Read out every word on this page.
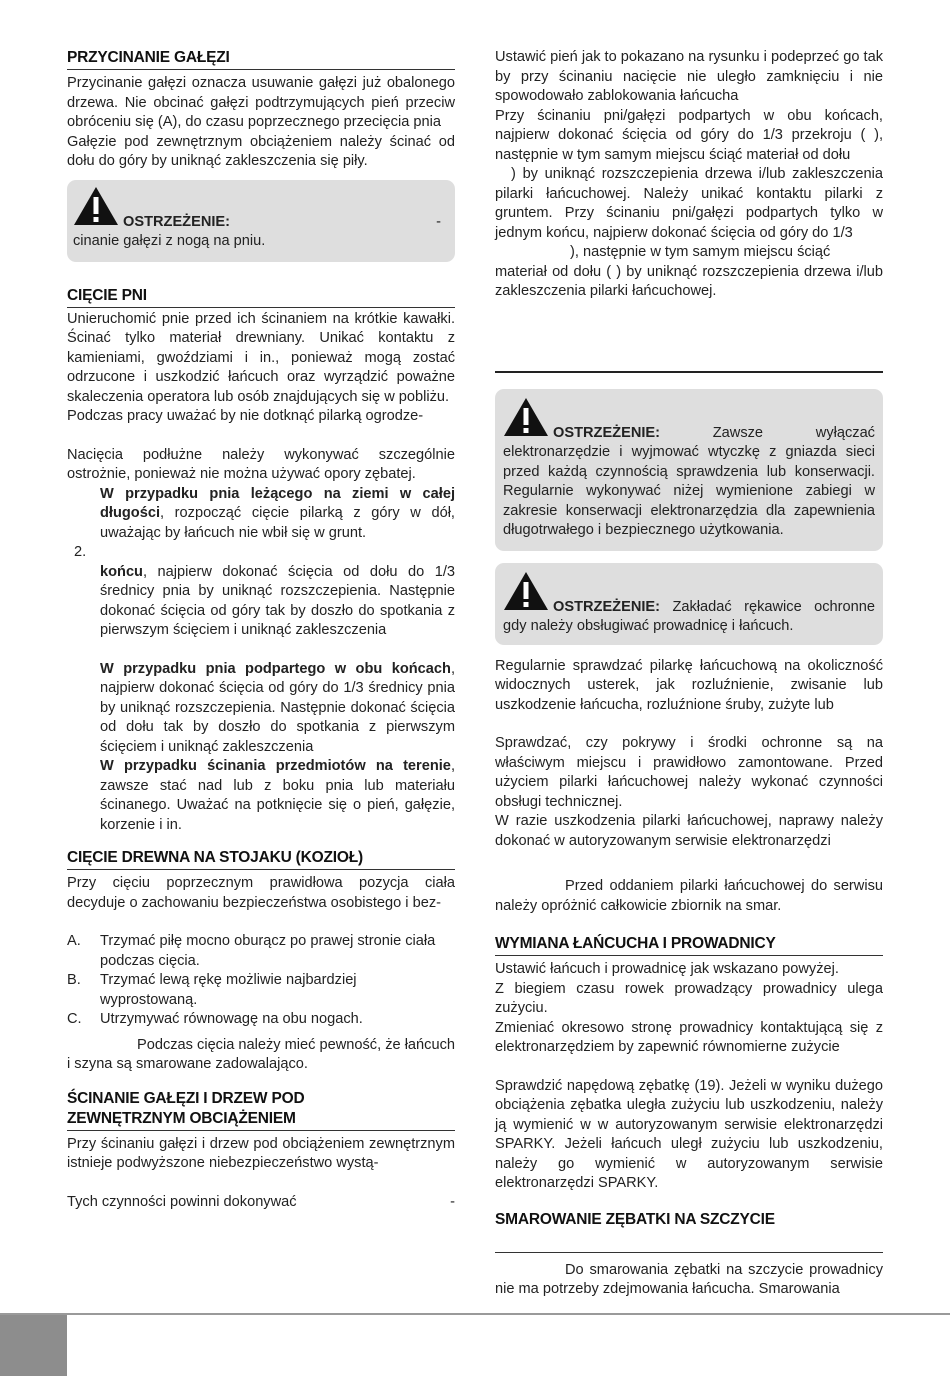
PRZYCINANIE GAŁĘZI

Przycinanie gałęzi oznacza usuwanie gałęzi już obalonego drzewa. Nie obcinać gałęzi podtrzymujących pień przeciw obróceniu się (A), do czasu poprzecznego przecięcia pnia

Gałęzie pod zewnętrznym obciążeniem należy ścinać od dołu do góry by uniknąć zakleszczenia się piły.

OSTRZEŻENIE:	-

cinanie gałęzi z nogą na pniu.

CIĘCIE PNI

Unieruchomić pnie przed ich ścinaniem na krótkie kawałki. Ścinać tylko materiał drewniany. Unikać kontaktu z kamieniami, gwoździami i in., ponieważ mogą zostać odrzucone i uszkodzić łańcuch oraz wyrządzić poważne skaleczenia operatora lub osób znajdujących się w pobliżu.

Podczas pracy uważać by nie dotknąć pilarką ogrodze-

Nacięcia podłużne należy wykonywać szczególnie ostrożnie, ponieważ nie można używać opory zębatej.

W przypadku pnia leżącego na ziemi w całej długości, rozpocząć cięcie pilarką z góry w dół, uważając by łańcuch nie wbił się w grunt.

2.

końcu, najpierw dokonać ścięcia od dołu do 1/3 średnicy pnia by uniknąć rozszczepienia. Następnie dokonać ścięcia od góry tak by doszło do spotkania z pierwszym ścięciem i uniknąć zakleszczenia

W przypadku pnia podpartego w obu końcach, najpierw dokonać ścięcia od góry do 1/3 średnicy pnia by uniknąć rozszczepienia. Następnie dokonać ścięcia od dołu tak by doszło do spotkania z pierwszym ścięciem i uniknąć zakleszczenia

W przypadku ścinania przedmiotów na terenie, zawsze stać nad lub z boku pnia lub materiału ścinanego. Uważać na potknięcie się o pień, gałęzie, korzenie i in.

CIĘCIE DREWNA NA STOJAKU (KOZIOŁ)

Przy cięciu poprzecznym prawidłowa pozycja ciała decyduje o zachowaniu bezpieczeństwa osobistego i bez-

A. Trzymać piłę mocno oburącz po prawej stronie ciała podczas cięcia.

B. Trzymać lewą rękę możliwie najbardziej wyprostowaną.

C. Utrzymywać równowagę na obu nogach.

Podczas cięcia należy mieć pewność, że łańcuch i szyna są smarowane zadowalająco.

ŚCINANIE GAŁĘZI I DRZEW POD
ZEWNĘTRZNYM OBCIĄŻENIEM

Przy ścinaniu gałęzi i drzew pod obciążeniem zewnętrznym istnieje podwyższone niebezpieczeństwo wystą-

Tych czynności powinni dokonywać	-

Ustawić pień jak to pokazano na rysunku i podeprzeć go tak by przy ścinaniu nacięcie nie uległo zamknięciu i nie spowodowało zablokowania łańcucha

Przy ścinaniu pni/gałęzi podpartych w obu końcach, najpierw dokonać ścięcia od góry do 1/3 przekroju ( ), następnie w tym samym miejscu ściąć materiał od dołu

) by uniknąć rozszczepienia drzewa i/lub zakleszczenia pilarki łańcuchowej. Należy unikać kontaktu pilarki z gruntem. Przy ścinaniu pni/gałęzi podpartych tylko w jednym końcu, najpierw dokonać ścięcia od góry do 1/3

), następnie w tym samym miejscu ściąć

materiał od dołu ( ) by uniknąć rozszczepienia drzewa i/lub zakleszczenia pilarki łańcuchowej.

OSTRZEŻENIE:	Zawsze wyłączać elektronarzędzie i wyjmować wtyczkę z gniazda sieci przed każdą czynnością sprawdzenia lub konserwacji. Regularnie wykonywać niżej wymienione zabiegi w zakresie konserwacji elektronarzędzia dla zapewnienia długotrwałego i bezpiecznego użytkowania.

OSTRZEŻENIE: Zakładać rękawice ochronne gdy należy obsługiwać prowadnicę i łańcuch.

Regularnie sprawdzać pilarkę łańcuchową na okoliczność widocznych usterek, jak rozluźnienie, zwisanie lub uszkodzenie łańcucha, rozluźnione śruby, zużyte lub

Sprawdzać, czy pokrywy i środki ochronne są na właściwym miejscu i prawidłowo zamontowane. Przed użyciem pilarki łańcuchowej należy wykonać czynności obsługi technicznej.

W razie uszkodzenia pilarki łańcuchowej, naprawy należy dokonać w autoryzowanym serwisie elektronarzędzi

Przed oddaniem pilarki łańcuchowej do serwisu należy opróżnić całkowicie zbiornik na smar.

WYMIANA ŁAŃCUCHA I PROWADNICY

Ustawić łańcuch i prowadnicę jak wskazano powyżej.

Z biegiem czasu rowek prowadzący prowadnicy ulega zużyciu.

Zmieniać okresowo stronę prowadnicy kontaktującą się z elektronarzędziem by zapewnić równomierne zużycie

Sprawdzić napędową zębatkę (19). Jeżeli w wyniku dużego obciążenia zębatka uległa zużyciu lub uszkodzeniu, należy ją wymienić w w autoryzowanym serwisie elektronarzędzi SPARKY. Jeżeli łańcuch uległ zużyciu lub uszkodzeniu, należy go wymienić w autoryzowanym serwisie elektronarzędzi SPARKY.

SMAROWANIE ZĘBATKI NA SZCZYCIE

Do smarowania zębatki na szczycie prowadnicy nie ma potrzeby zdejmowania łańcucha. Smarowania
